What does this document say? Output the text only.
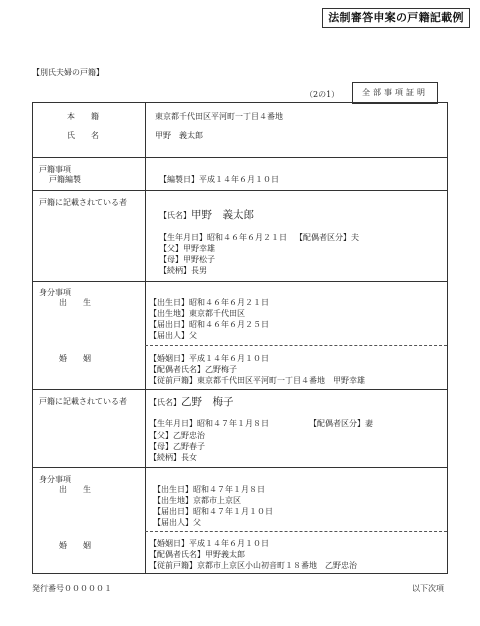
法制審答申案の戸籍記載例
【別氏夫婦の戸籍】
（2の1）	全部事項証明
本　　籍	東京都千代田区平河町一丁目４番地
氏　　名	甲野　義太郎
戸籍事項
戸籍編製	【編製日】平成１４年６月１０日
戸籍に記載されている者
【氏名】甲野　義太郎
【生年月日】昭和４６年６月２１日 【配偶者区分】夫
【父】甲野幸雄
【母】甲野松子
【続柄】長男
身分事項
出　　生	【出生日】昭和４６年６月２１日
【出生地】東京都千代田区
【届出日】昭和４６年６月２５日
【届出人】父
婚　　姻	【婚姻日】平成１４年６月１０日
【配偶者氏名】乙野梅子
【従前戸籍】東京都千代田区平河町一丁目４番地　甲野幸雄
戸籍に記載されている者	【氏名】乙野　梅子
【生年月日】昭和４７年１月８日	【配偶者区分】妻
【父】乙野忠治
【母】乙野春子
【続柄】長女
身分事項
出　　生	【出生日】昭和４７年１月８日
【出生地】京都市上京区
【届出日】昭和４７年１月１０日
【届出人】父
婚　　姻	【婚姻日】平成１４年６月１０日
【配偶者氏名】甲野義太郎
【従前戸籍】京都市上京区小山初音町１８番地　乙野忠治
発行番号０００００１	以下次項
